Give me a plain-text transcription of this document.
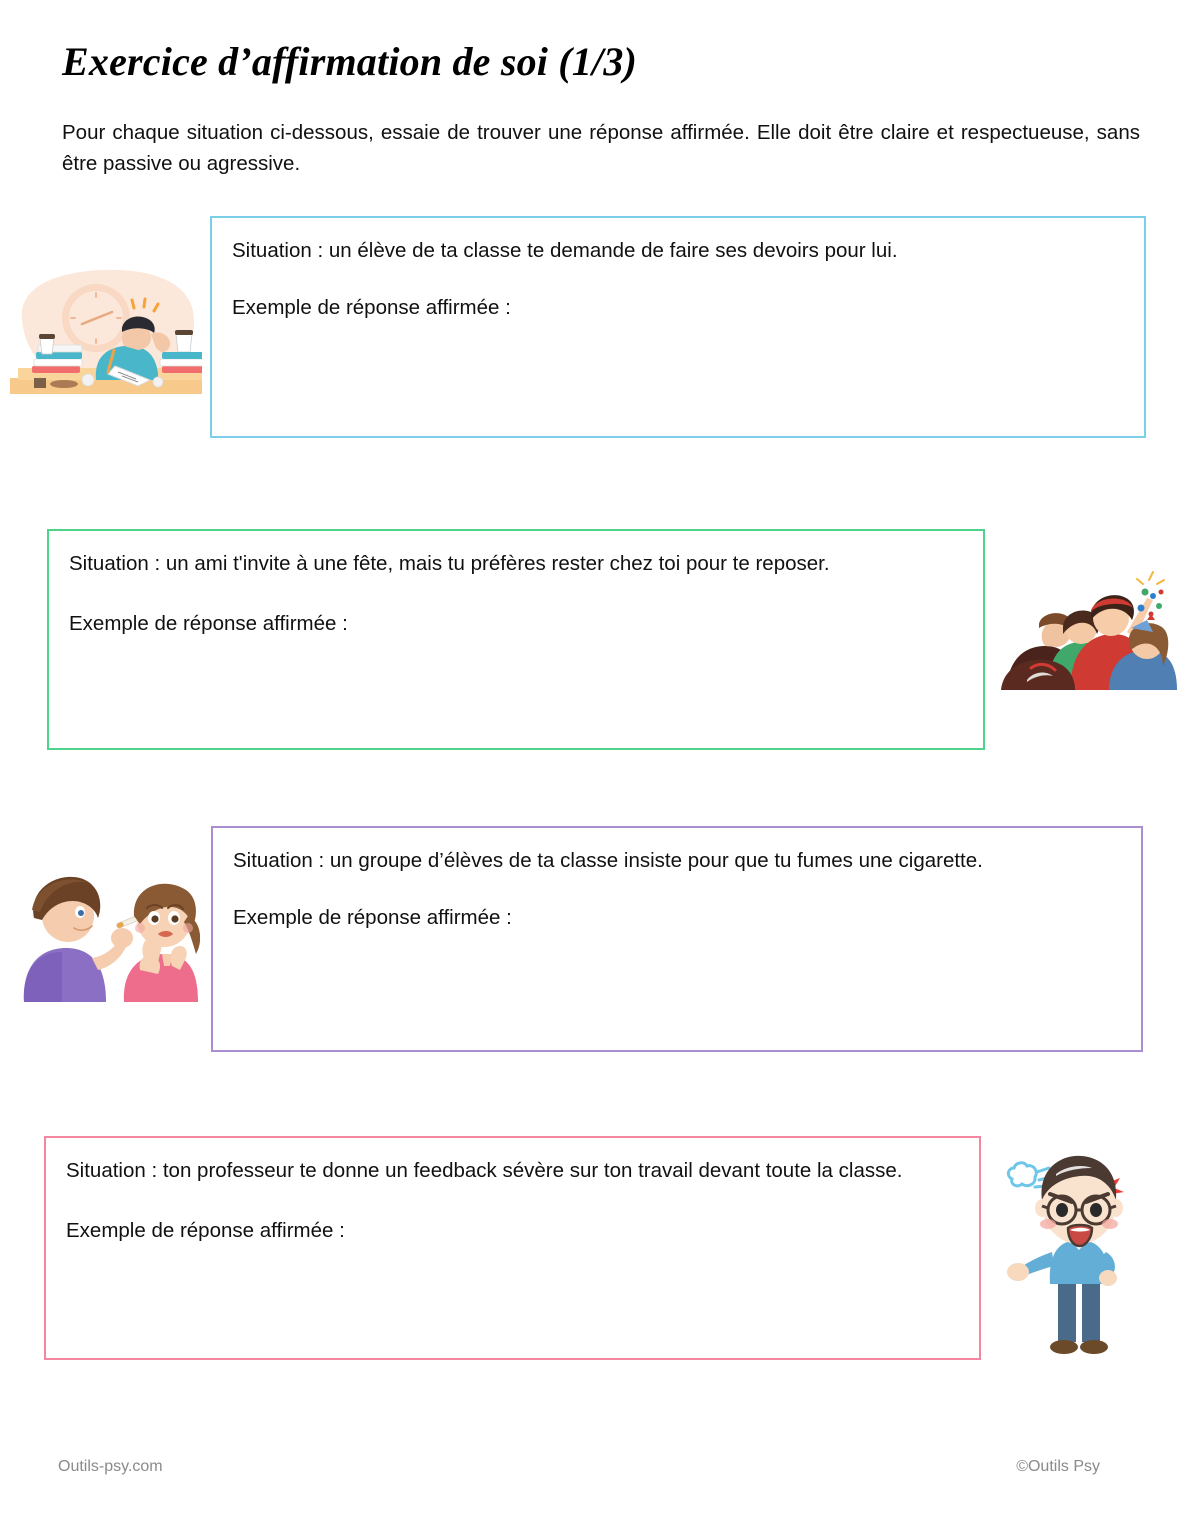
Exercice d’affirmation de soi (1/3)
Pour chaque situation ci-dessous, essaie de trouver une réponse affirmée. Elle doit être claire et respectueuse, sans être passive ou agressive.

Situation : un élève de ta classe te demande de faire ses devoirs pour lui.

Exemple de réponse affirmée :

Situation : un ami t'invite à une fête, mais tu préfères rester chez toi pour te reposer.

Exemple de réponse affirmée :

Situation : un groupe d’élèves de ta classe insiste pour que tu fumes une cigarette.

Exemple de réponse affirmée :

Situation : ton professeur te donne un feedback sévère sur ton travail devant toute la classe.

Exemple de réponse affirmée :

Outils-psy.com	©Outils Psy
